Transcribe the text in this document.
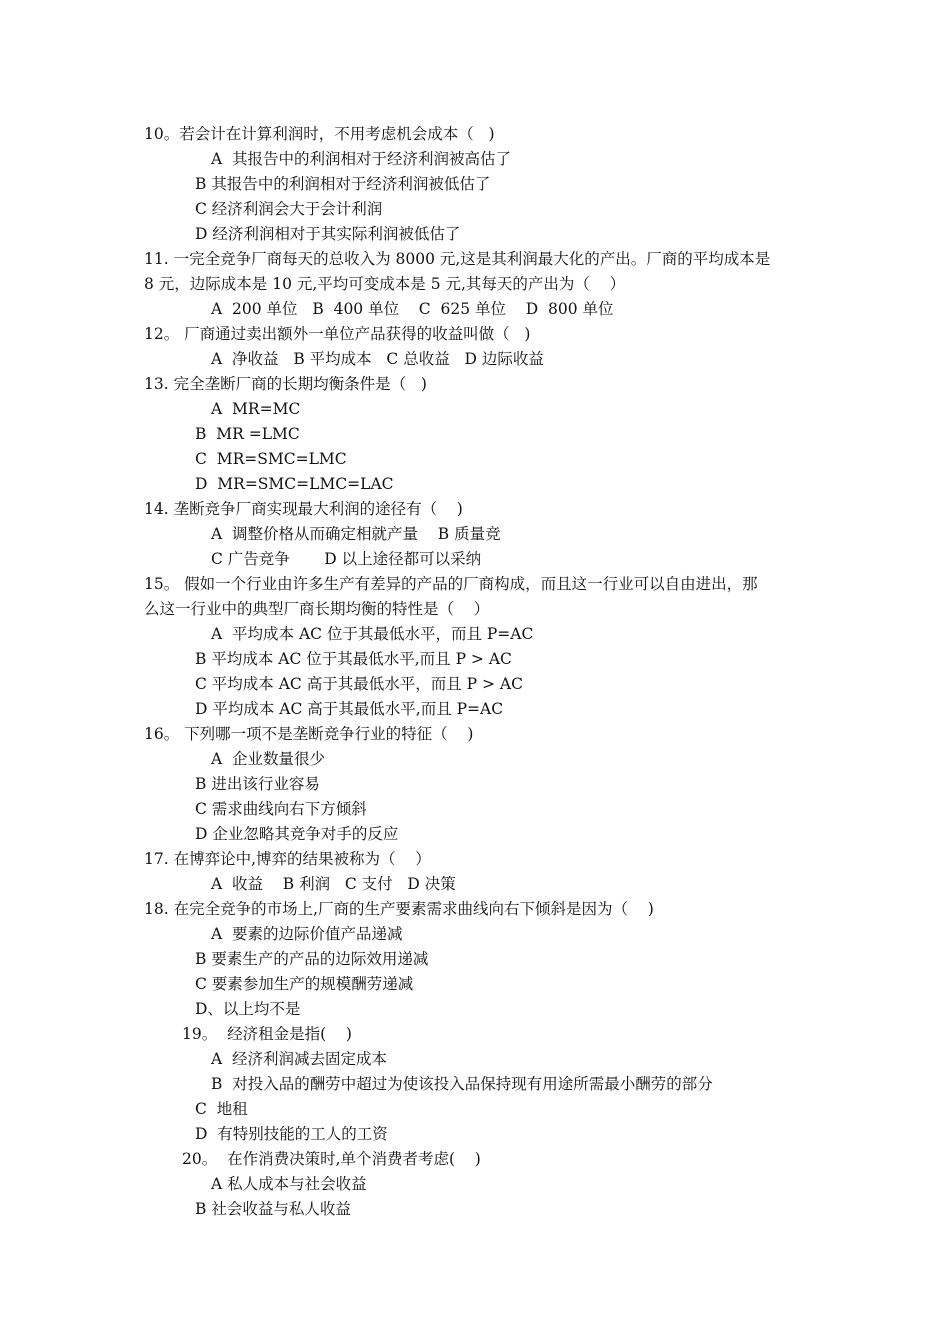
10。若会计在计算利润时，不用考虑机会成本（   )
A  其报告中的利润相对于经济利润被高估了
B 其报告中的利润相对于经济利润被低估了
C 经济利润会大于会计利润
D 经济利润相对于其实际利润被低估了
11. 一完全竞争厂商每天的总收入为 8000 元,这是其利润最大化的产出。厂商的平均成本是
8 元，边际成本是 10 元,平均可变成本是 5 元,其每天的产出为（    ）
A  200 单位   B  400 单位    C  625 单位    D  800 单位
12。 厂商通过卖出额外一单位产品获得的收益叫做（   )
A  净收益   B 平均成本   C 总收益   D 边际收益
13. 完全垄断厂商的长期均衡条件是（   )
A  MR=MC
B  MR =LMC
C  MR=SMC=LMC
D  MR=SMC=LMC=LAC
14. 垄断竞争厂商实现最大利润的途径有（    )
A  调整价格从而确定相就产量    B 质量竞
C 广告竞争       D 以上途径都可以采纳
15。 假如一个行业由许多生产有差异的产品的厂商构成，而且这一行业可以自由进出，那
么这一行业中的典型厂商长期均衡的特性是（    ）
A  平均成本 AC 位于其最低水平，而且 P=AC
B 平均成本 AC 位于其最低水平,而且 P > AC
C 平均成本 AC 高于其最低水平，而且 P > AC
D 平均成本 AC 高于其最低水平,而且 P=AC
16。 下列哪一项不是垄断竞争行业的特征（    )
A  企业数量很少
B 进出该行业容易
C 需求曲线向右下方倾斜
D 企业忽略其竞争对手的反应
17. 在博弈论中,博弈的结果被称为（    ）
A  收益    B 利润   C 支付   D 决策
18. 在完全竞争的市场上,厂商的生产要素需求曲线向右下倾斜是因为（    )
A  要素的边际价值产品递减
B 要素生产的产品的边际效用递减
C 要素参加生产的规模酬劳递减
D、以上均不是
19。  经济租金是指(    )
A  经济利润减去固定成本
B  对投入品的酬劳中超过为使该投入品保持现有用途所需最小酬劳的部分
C  地租
D  有特别技能的工人的工资
20。  在作消费决策时,单个消费者考虑(    )
A 私人成本与社会收益
B 社会收益与私人收益
